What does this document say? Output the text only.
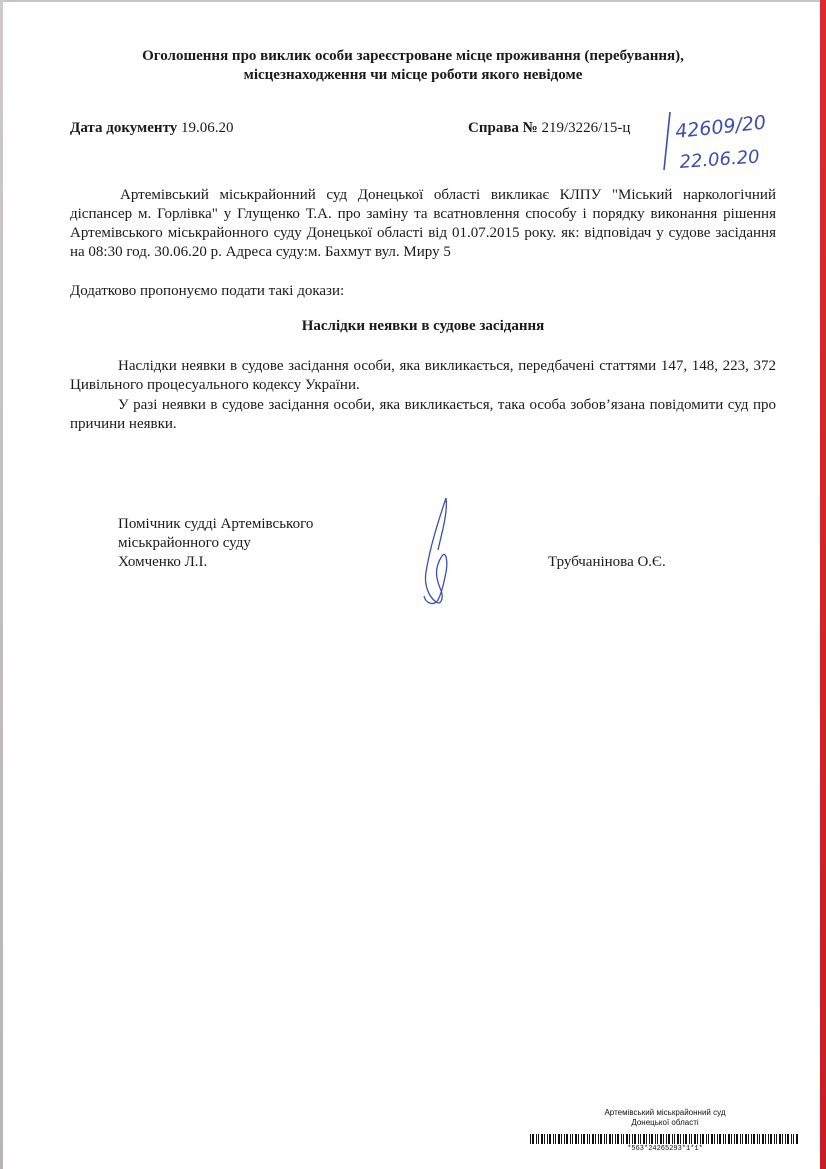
Оголошення про виклик особи зареєстроване місце проживання (перебування),
місцезнаходження чи місце роботи якого невідоме
Дата документу 19.06.20	Справа № 219/3226/15-ц 42609/20
22.06.20
Артемівський міськрайонний суд Донецької області викликає КЛПУ "Міський наркологічний діспансер м. Горлівка" у Глущенко Т.А. про заміну та всатновлення способу і порядку виконання рішення Артемівського міськрайонного суду Донецької області від 01.07.2015 року. як: відповідач у судове засідання на 08:30 год. 30.06.20 р. Адреса суду:м. Бахмут вул. Миру 5
Додатково пропонуємо подати такі докази:
Наслідки неявки в судове засідання
Наслідки неявки в судове засідання особи, яка викликається, передбачені статтями 147, 148, 223, 372 Цивільного процесуального кодексу України.
У разі неявки в судове засідання особи, яка викликається, така особа зобов’язана повідомити суд про причини неявки.
Помічник судді Артемівського
міськрайонного суду
Хомченко Л.І.	Трубчанінова О.Є.
Артемівський міськрайонний суд
Донецької області
*563*24265293*1*1*
